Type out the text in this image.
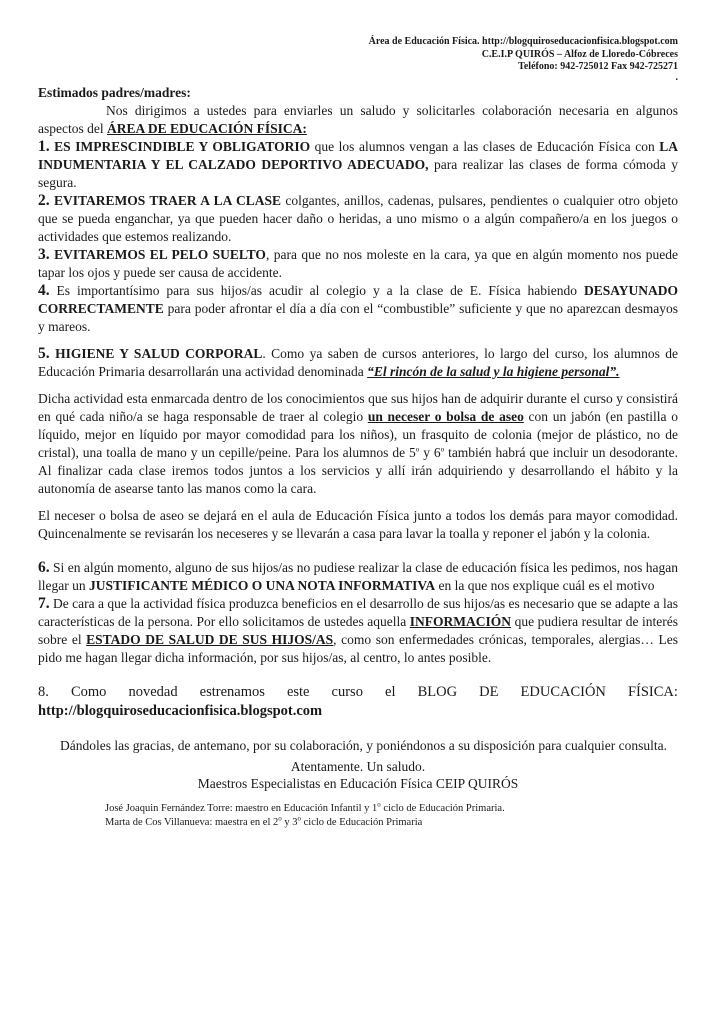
Área de Educación Física. http://blogquiroseducacionfisica.blogspot.com
C.E.I.P QUIRÓS – Alfoz de Lloredo-Cóbreces
Teléfono: 942-725012 Fax 942-725271
.
Estimados padres/madres:
Nos dirigimos a ustedes para enviarles un saludo y solicitarles colaboración necesaria en algunos aspectos del ÁREA DE EDUCACIÓN FÍSICA:
1. ES IMPRESCINDIBLE Y OBLIGATORIO que los alumnos vengan a las clases de Educación Física con LA INDUMENTARIA Y EL CALZADO DEPORTIVO ADECUADO, para realizar las clases de forma cómoda y segura.
2. EVITAREMOS TRAER A LA CLASE colgantes, anillos, cadenas, pulsares, pendientes o cualquier otro objeto que se pueda enganchar, ya que pueden hacer daño o heridas, a uno mismo o a algún compañero/a en los juegos o actividades que estemos realizando.
3. EVITAREMOS EL PELO SUELTO, para que no nos moleste en la cara, ya que en algún momento nos puede tapar los ojos y puede ser causa de accidente.
4. Es importantísimo para sus hijos/as acudir al colegio y a la clase de E. Física habiendo DESAYUNADO CORRECTAMENTE para poder afrontar el día a día con el “combustible” suficiente y que no aparezcan desmayos y mareos.
5. HIGIENE Y SALUD CORPORAL. Como ya saben de cursos anteriores, lo largo del curso, los alumnos de Educación Primaria desarrollarán una actividad denominada “El rincón de la salud y la higiene personal”.
Dicha actividad esta enmarcada dentro de los conocimientos que sus hijos han de adquirir durante el curso y consistirá en qué cada niño/a se haga responsable de traer al colegio un neceser o bolsa de aseo con un jabón (en pastilla o líquido, mejor en líquido por mayor comodidad para los niños), un frasquito de colonia (mejor de plástico, no de cristal), una toalla de mano y un cepille/peine. Para los alumnos de 5$^o$ y 6$^o$ también habrá que incluir un desodorante. Al finalizar cada clase iremos todos juntos a los servicios y allí irán adquiriendo y desarrollando el hábito y la autonomía de asearse tanto las manos como la cara.
El neceser o bolsa de aseo se dejará en el aula de Educación Física junto a todos los demás para mayor comodidad. Quincenalmente se revisarán los neceseres y se llevarán a casa para lavar la toalla y reponer el jabón y la colonia.
6. Si en algún momento, alguno de sus hijos/as no pudiese realizar la clase de educación física les pedimos, nos hagan llegar un JUSTIFICANTE MÉDICO O UNA NOTA INFORMATIVA en la que nos explique cuál es el motivo
7. De cara a que la actividad física produzca beneficios en el desarrollo de sus hijos/as es necesario que se adapte a las características de la persona. Por ello solicitamos de ustedes aquella INFORMACIÓN que pudiera resultar de interés sobre el ESTADO DE SALUD DE SUS HIJOS/AS, como son enfermedades crónicas, temporales, alergias… Les pido me hagan llegar dicha información, por sus hijos/as, al centro, lo antes posible.
8. Como novedad estrenamos este curso el BLOG DE EDUCACIÓN FÍSICA:
http://blogquiroseducacionfisica.blogspot.com
Dándoles las gracias, de antemano, por su colaboración, y poniéndonos a su disposición para cualquier consulta.
Atentamente. Un saludo.
Maestros Especialistas en Educación Física CEIP QUIRÓS
José Joaquin Fernández Torre: maestro en Educación Infantil y 1$^o$ ciclo de Educación Primaria.
Marta de Cos Villanueva: maestra en el 2$^o$ y 3$^o$ ciclo de Educación Primaria
